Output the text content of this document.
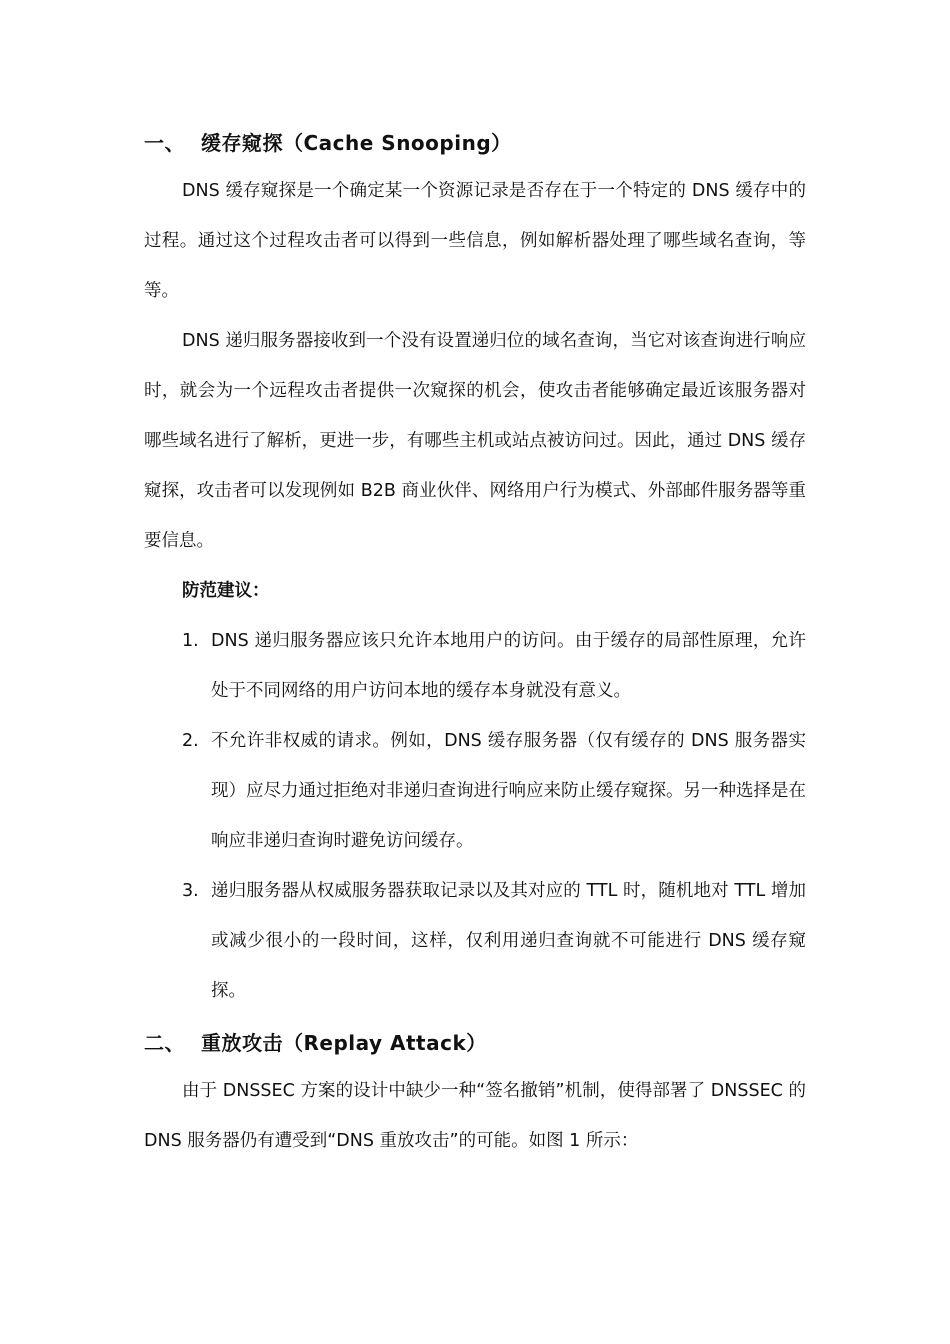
一、 缓存窥探（Cache Snooping）

DNS 缓存窥探是一个确定某一个资源记录是否存在于一个特定的 DNS 缓存中的过程。通过这个过程攻击者可以得到一些信息，例如解析器处理了哪些域名查询，等等。

DNS 递归服务器接收到一个没有设置递归位的域名查询，当它对该查询进行响应时，就会为一个远程攻击者提供一次窥探的机会，使攻击者能够确定最近该服务器对哪些域名进行了解析，更进一步，有哪些主机或站点被访问过。因此，通过 DNS 缓存窥探，攻击者可以发现例如 B2B 商业伙伴、网络用户行为模式、外部邮件服务器等重要信息。

防范建议：

1. DNS 递归服务器应该只允许本地用户的访问。由于缓存的局部性原理，允许处于不同网络的用户访问本地的缓存本身就没有意义。
2. 不允许非权威的请求。例如，DNS 缓存服务器（仅有缓存的 DNS 服务器实现）应尽力通过拒绝对非递归查询进行响应来防止缓存窥探。另一种选择是在响应非递归查询时避免访问缓存。
3. 递归服务器从权威服务器获取记录以及其对应的 TTL 时，随机地对 TTL 增加或减少很小的一段时间，这样，仅利用递归查询就不可能进行 DNS 缓存窥探。
二、 重放攻击（Replay Attack）

由于 DNSSEC 方案的设计中缺少一种“签名撤销”机制，使得部署了 DNSSEC 的 DNS 服务器仍有遭受到“DNS 重放攻击”的可能。如图 1 所示：
